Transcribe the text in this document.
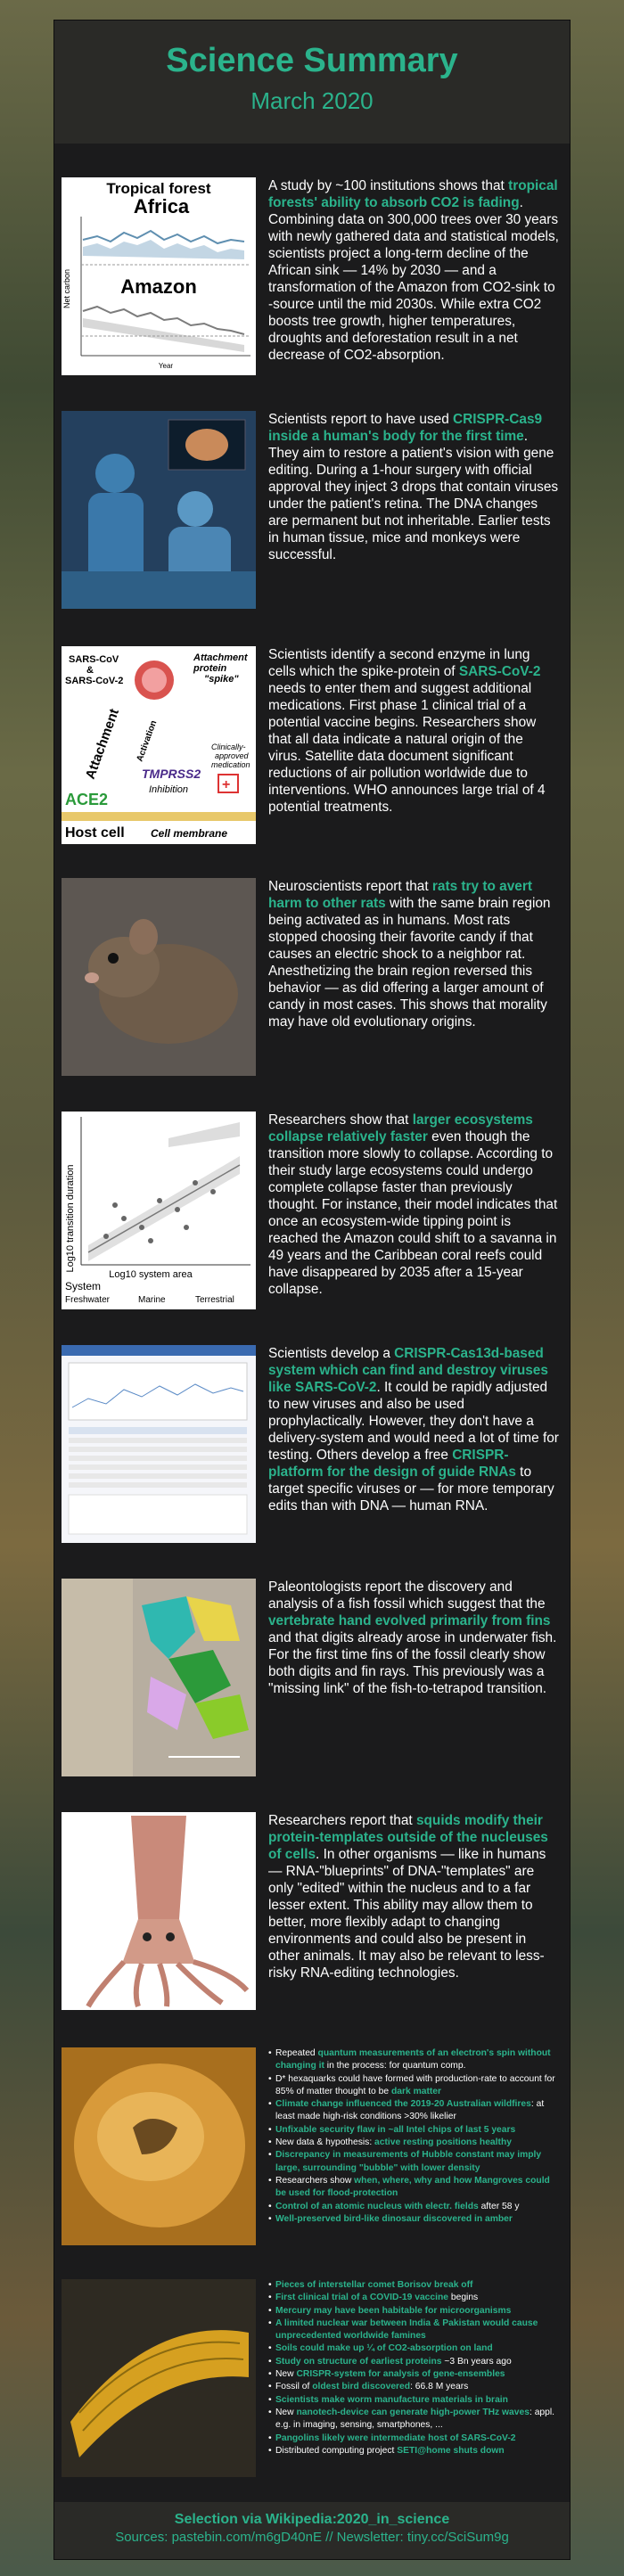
Science Summary
March 2020
Tropical forest
Africa
Amazon
Net carbon
Year
A study by ~100 institutions shows that tropical forests' ability to absorb CO2 is fading. Combining data on 300,000 trees over 30 years with newly gathered data and statistical models, scientists project a long-term decline of the African sink — 14% by 2030 — and a transformation of the Amazon from CO2-sink to -source until the mid 2030s. While extra CO2 boosts tree growth, higher temperatures, droughts and deforestation result in a net decrease of CO2-absorption.
Scientists report to have used CRISPR-Cas9 inside a human's body for the first time. They aim to restore a patient's vision with gene editing. During a 1-hour surgery with official approval they inject 3 drops that contain viruses under the patient's retina. The DNA changes are permanent but not inheritable. Earlier tests in human tissue, mice and monkeys were successful.
SARS-CoV
&
SARS-CoV-2
Attachment
protein
"spike"
Attachment Activation
TMPRSS2
Inhibition
Clinically-
approved
medication
+
ACE2
Host cell Cell membrane
Scientists identify a second enzyme in lung cells which the spike-protein of SARS-CoV-2 needs to enter them and suggest additional medications. First phase 1 clinical trial of a potential vaccine begins. Researchers show that all data indicate a natural origin of the virus. Satellite data document significant reductions of air pollution worldwide due to interventions. WHO announces large trial of 4 potential treatments.
Neuroscientists report that rats try to avert harm to other rats with the same brain region being activated as in humans. Most rats stopped choosing their favorite candy if that causes an electric shock to a neighbor rat. Anesthetizing the brain region reversed this behavior — as did offering a larger amount of candy in most cases. This shows that morality may have old evolutionary origins.
Log10 transition duration
Log10 system area
System
Freshwater	Marine	Terrestrial
Researchers show that larger ecosystems collapse relatively faster even though the transition more slowly to collapse. According to their study large ecosystems could undergo complete collapse faster than previously thought. For instance, their model indicates that once an ecosystem-wide tipping point is reached the Amazon could shift to a savanna in 49 years and the Caribbean coral reefs could have disappeared by 2035 after a 15-year collapse.
Scientists develop a CRISPR-Cas13d-based system which can find and destroy viruses like SARS-CoV-2. It could be rapidly adjusted to new viruses and also be used prophylactically. However, they don't have a delivery-system and would need a lot of time for testing. Others develop a free CRISPR-platform for the design of guide RNAs to target specific viruses or — for more temporary edits than with DNA — human RNA.
Paleontologists report the discovery and analysis of a fish fossil which suggest that the vertebrate hand evolved primarily from fins and that digits already arose in underwater fish. For the first time fins of the fossil clearly show both digits and fin rays. This previously was a "missing link" of the fish-to-tetrapod transition.
Researchers report that squids modify their protein-templates outside of the nucleuses of cells. In other organisms — like in humans — RNA-"blueprints" of DNA-"templates" are only "edited" within the nucleus and to a far lesser extent. This ability may allow them to better, more flexibly adapt to changing environments and could also be present in other animals. It may also be relevant to less-risky RNA-editing technologies.
• Repeated quantum measurements of an electron's spin without changing it in the process: for quantum comp.
• D* hexaquarks could have formed with production-rate to account for 85% of matter thought to be dark matter
• Climate change influenced the 2019-20 Australian wildfires: at least made high-risk conditions >30% likelier
• Unfixable security flaw in ~all Intel chips of last 5 years
• New data & hypothesis: active resting positions healthy
• Discrepancy in measurements of Hubble constant may imply large, surrounding "bubble" with lower density
• Researchers show when, where, why and how Mangroves could be used for flood-protection
• Control of an atomic nucleus with electr. fields after 58 y
• Well-preserved bird-like dinosaur discovered in amber
• Pieces of interstellar comet Borisov break off
• First clinical trial of a COVID-19 vaccine begins
• Mercury may have been habitable for microorganisms
• A limited nuclear war between India & Pakistan would cause unprecedented worldwide famines
• Soils could make up ¼ of CO2-absorption on land
• Study on structure of earliest proteins ~3 Bn years ago
• New CRISPR-system for analysis of gene-ensembles
• Fossil of oldest bird discovered: 66.8 M years
• Scientists make worm manufacture materials in brain
• New nanotech-device can generate high-power THz waves: appl. e.g. in imaging, sensing, smartphones, ...
• Pangolins likely were intermediate host of SARS-CoV-2
• Distributed computing project SETI@home shuts down
Selection via Wikipedia:2020_in_science
Sources: pastebin.com/m6gD40nE // Newsletter: tiny.cc/SciSum9g
